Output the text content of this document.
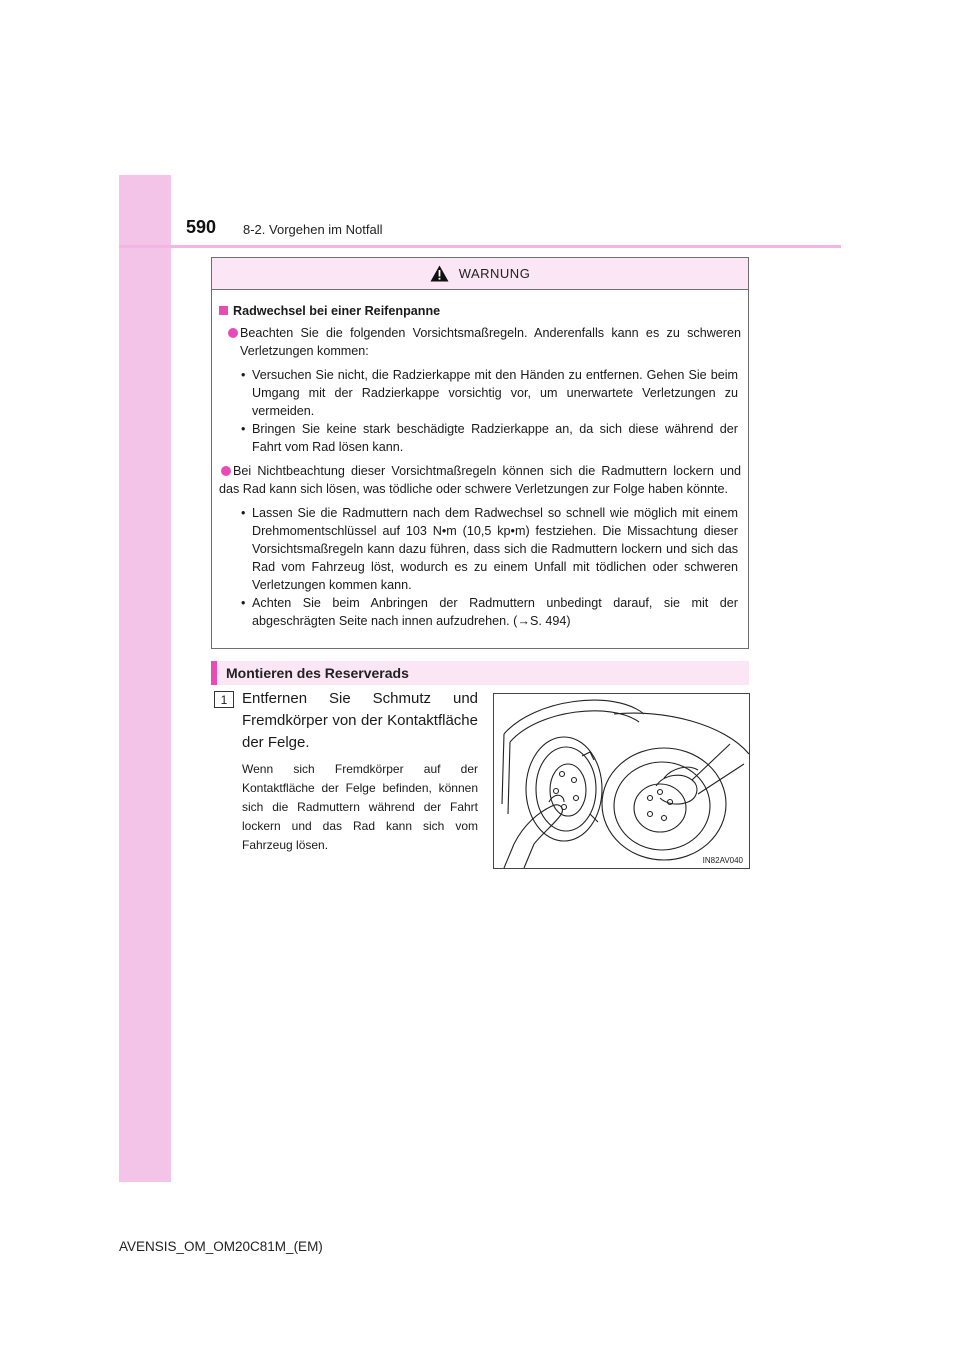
590 8-2. Vorgehen im Notfall
WARNUNG
Radwechsel bei einer Reifenpanne
Beachten Sie die folgenden Vorsichtsmaßregeln. Anderenfalls kann es zu schweren Verletzungen kommen:
• Versuchen Sie nicht, die Radzierkappe mit den Händen zu entfernen. Gehen Sie beim Umgang mit der Radzierkappe vorsichtig vor, um unerwartete Verletzungen zu vermeiden.
• Bringen Sie keine stark beschädigte Radzierkappe an, da sich diese während der Fahrt vom Rad lösen kann.
Bei Nichtbeachtung dieser Vorsichtmaßregeln können sich die Radmuttern lockern und das Rad kann sich lösen, was tödliche oder schwere Verletzungen zur Folge haben könnte.
• Lassen Sie die Radmuttern nach dem Radwechsel so schnell wie möglich mit einem Drehmomentschlüssel auf 103 N•m (10,5 kp•m) festziehen. Die Missachtung dieser Vorsichtsmaßregeln kann dazu führen, dass sich die Radmuttern lockern und sich das Rad vom Fahrzeug löst, wodurch es zu einem Unfall mit tödlichen oder schweren Verletzungen kommen kann.
• Achten Sie beim Anbringen der Radmuttern unbedingt darauf, sie mit der abgeschrägten Seite nach innen aufzudrehen. (→S. 494)
Montieren des Reserverads
1 Entfernen Sie Schmutz und Fremdkörper von der Kontaktfläche der Felge.
Wenn sich Fremdkörper auf der Kontaktfläche der Felge befinden, können sich die Radmuttern während der Fahrt lockern und das Rad kann sich vom Fahrzeug lösen.
IN82AV040
AVENSIS_OM_OM20C81M_(EM)
